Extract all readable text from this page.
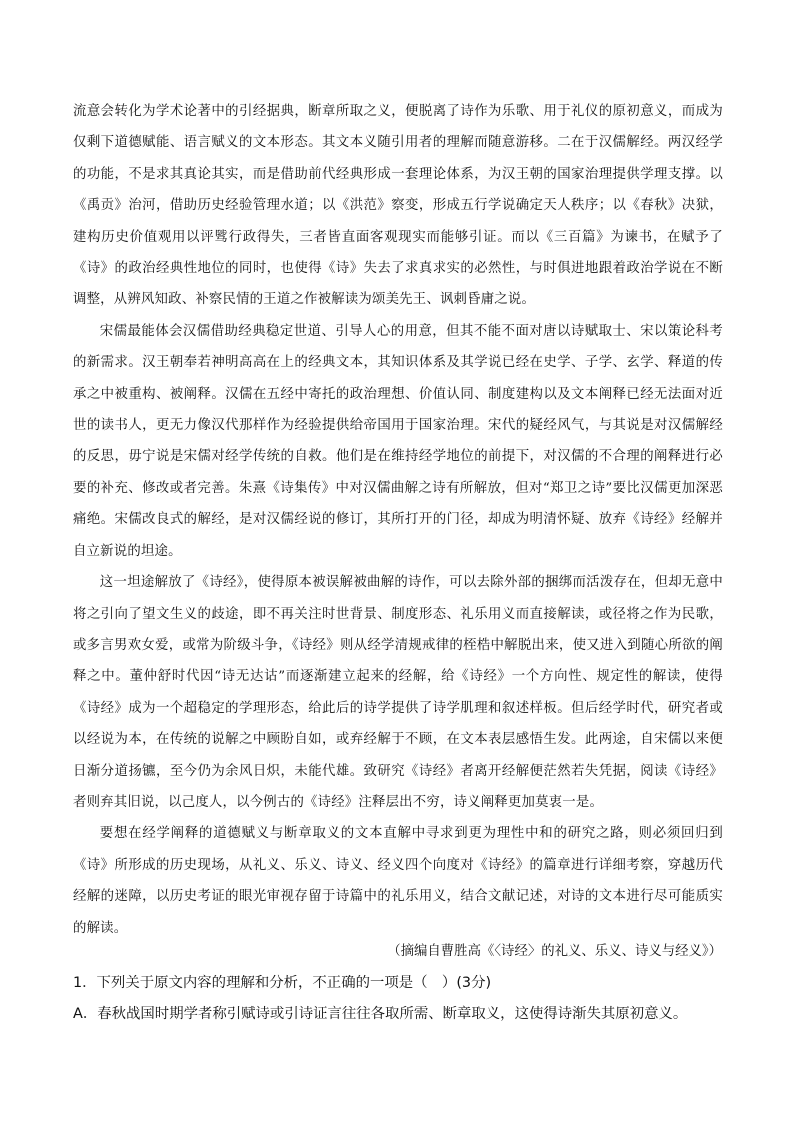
流意会转化为学术论著中的引经据典，断章所取之义，便脱离了诗作为乐歌、用于礼仪的原初意义，而成为仅剩下道德赋能、语言赋义的文本形态。其文本义随引用者的理解而随意游移。二在于汉儒解经。两汉经学的功能，不是求其真论其实，而是借助前代经典形成一套理论体系，为汉王朝的国家治理提供学理支撑。以《禹贡》治河，借助历史经验管理水道；以《洪范》察变，形成五行学说确定天人秩序；以《春秋》决狱，建构历史价值观用以评骘行政得失，三者皆直面客观现实而能够引证。而以《三百篇》为谏书，在赋予了《诗》的政治经典性地位的同时，也使得《诗》失去了求真求实的必然性，与时俱进地跟着政治学说在不断调整，从辨风知政、补察民情的王道之作被解读为颂美先王、讽刺昏庸之说。

宋儒最能体会汉儒借助经典稳定世道、引导人心的用意，但其不能不面对唐以诗赋取士、宋以策论科考的新需求。汉王朝奉若神明高高在上的经典文本，其知识体系及其学说已经在史学、子学、玄学、释道的传承之中被重构、被阐释。汉儒在五经中寄托的政治理想、价值认同、制度建构以及文本阐释已经无法面对近世的读书人，更无力像汉代那样作为经验提供给帝国用于国家治理。宋代的疑经风气，与其说是对汉儒解经的反思，毋宁说是宋儒对经学传统的自救。他们是在维持经学地位的前提下，对汉儒的不合理的阐释进行必要的补充、修改或者完善。朱熹《诗集传》中对汉儒曲解之诗有所解放，但对“郑卫之诗”要比汉儒更加深恶痛绝。宋儒改良式的解经，是对汉儒经说的修订，其所打开的门径，却成为明清怀疑、放弃《诗经》经解并自立新说的坦途。

这一坦途解放了《诗经》，使得原本被误解被曲解的诗作，可以去除外部的捆绑而活泼存在，但却无意中将之引向了望文生义的歧途，即不再关注时世背景、制度形态、礼乐用义而直接解读，或径将之作为民歌，或多言男欢女爱，或常为阶级斗争，《诗经》则从经学清规戒律的桎梏中解脱出来，使又进入到随心所欲的阐释之中。董仲舒时代因“诗无达诂”而逐渐建立起来的经解，给《诗经》一个方向性、规定性的解读，使得《诗经》成为一个超稳定的学理形态，给此后的诗学提供了诗学肌理和叙述样板。但后经学时代，研究者或以经说为本，在传统的说解之中顾盼自如，或弃经解于不顾，在文本表层感悟生发。此两途，自宋儒以来便日渐分道扬镳，至今仍为余风日炽，未能代雄。致研究《诗经》者离开经解便茫然若失凭据，阅读《诗经》者则弃其旧说，以己度人，以今例古的《诗经》注释层出不穷，诗义阐释更加莫衷一是。

要想在经学阐释的道德赋义与断章取义的文本直解中寻求到更为理性中和的研究之路，则必须回归到《诗》所形成的历史现场，从礼义、乐义、诗义、经义四个向度对《诗经》的篇章进行详细考察，穿越历代经解的迷障，以历史考证的眼光审视存留于诗篇中的礼乐用义，结合文献记述，对诗的文本进行尽可能质实的解读。

（摘编自曹胜高《〈诗经〉的礼义、乐义、诗义与经义》）

1．下列关于原文内容的理解和分析，不正确的一项是（　）(3分)

A．春秋战国时期学者称引赋诗或引诗证言往往各取所需、断章取义，这使得诗渐失其原初意义。
